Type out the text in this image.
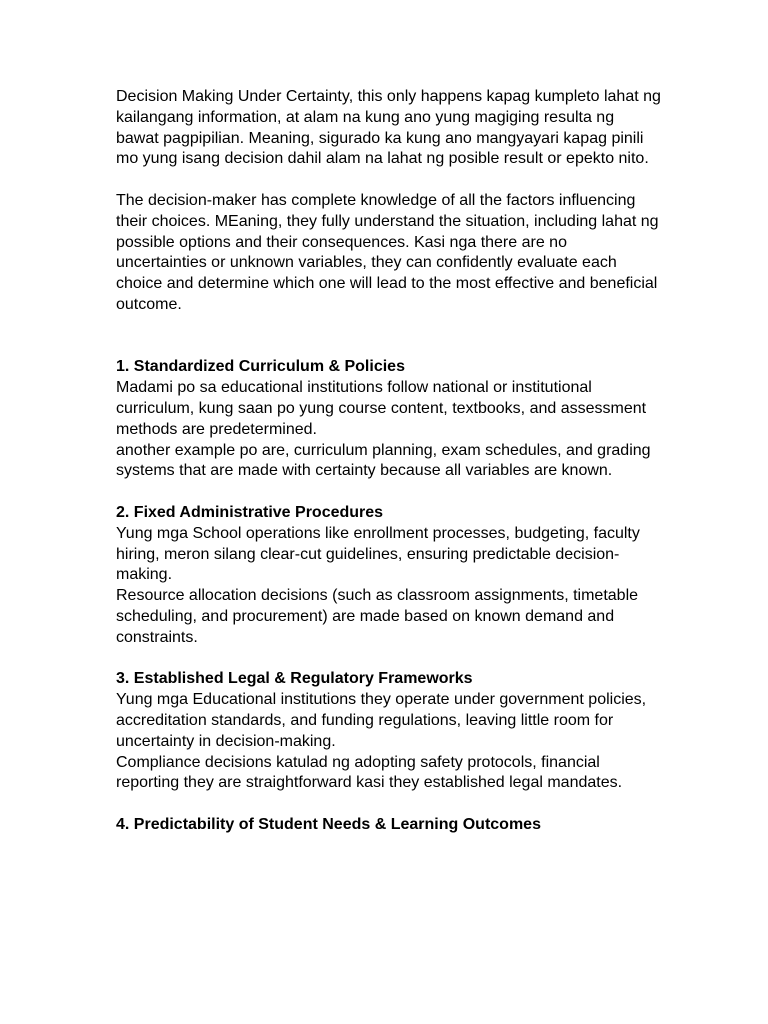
Decision Making Under Certainty, this only happens kapag kumpleto lahat ng kailangang information, at alam na kung ano yung magiging resulta ng bawat pagpipilian. Meaning, sigurado ka kung ano mangyayari kapag pinili mo yung isang decision dahil alam na lahat ng posible result or epekto nito.

The decision-maker has complete knowledge of all the factors influencing their choices. MEaning, they fully understand the situation, including lahat ng possible options and their consequences. Kasi nga there are no uncertainties or unknown variables, they can confidently evaluate each choice and determine which one will lead to the most effective and beneficial outcome.

1. Standardized Curriculum & Policies

Madami po sa educational institutions follow national or institutional curriculum, kung saan po yung course content, textbooks, and assessment methods are predetermined.

another example po are, curriculum planning, exam schedules, and grading systems that are made with certainty because all variables are known.

2. Fixed Administrative Procedures

Yung mga School operations like enrollment processes, budgeting, faculty hiring, meron silang clear-cut guidelines, ensuring predictable decision-making.

Resource allocation decisions (such as classroom assignments, timetable scheduling, and procurement) are made based on known demand and constraints.

3. Established Legal & Regulatory Frameworks

Yung mga Educational institutions they operate under government policies, accreditation standards, and funding regulations, leaving little room for uncertainty in decision-making.

Compliance decisions katulad ng adopting safety protocols, financial reporting they are straightforward kasi they established legal mandates.

4. Predictability of Student Needs & Learning Outcomes
